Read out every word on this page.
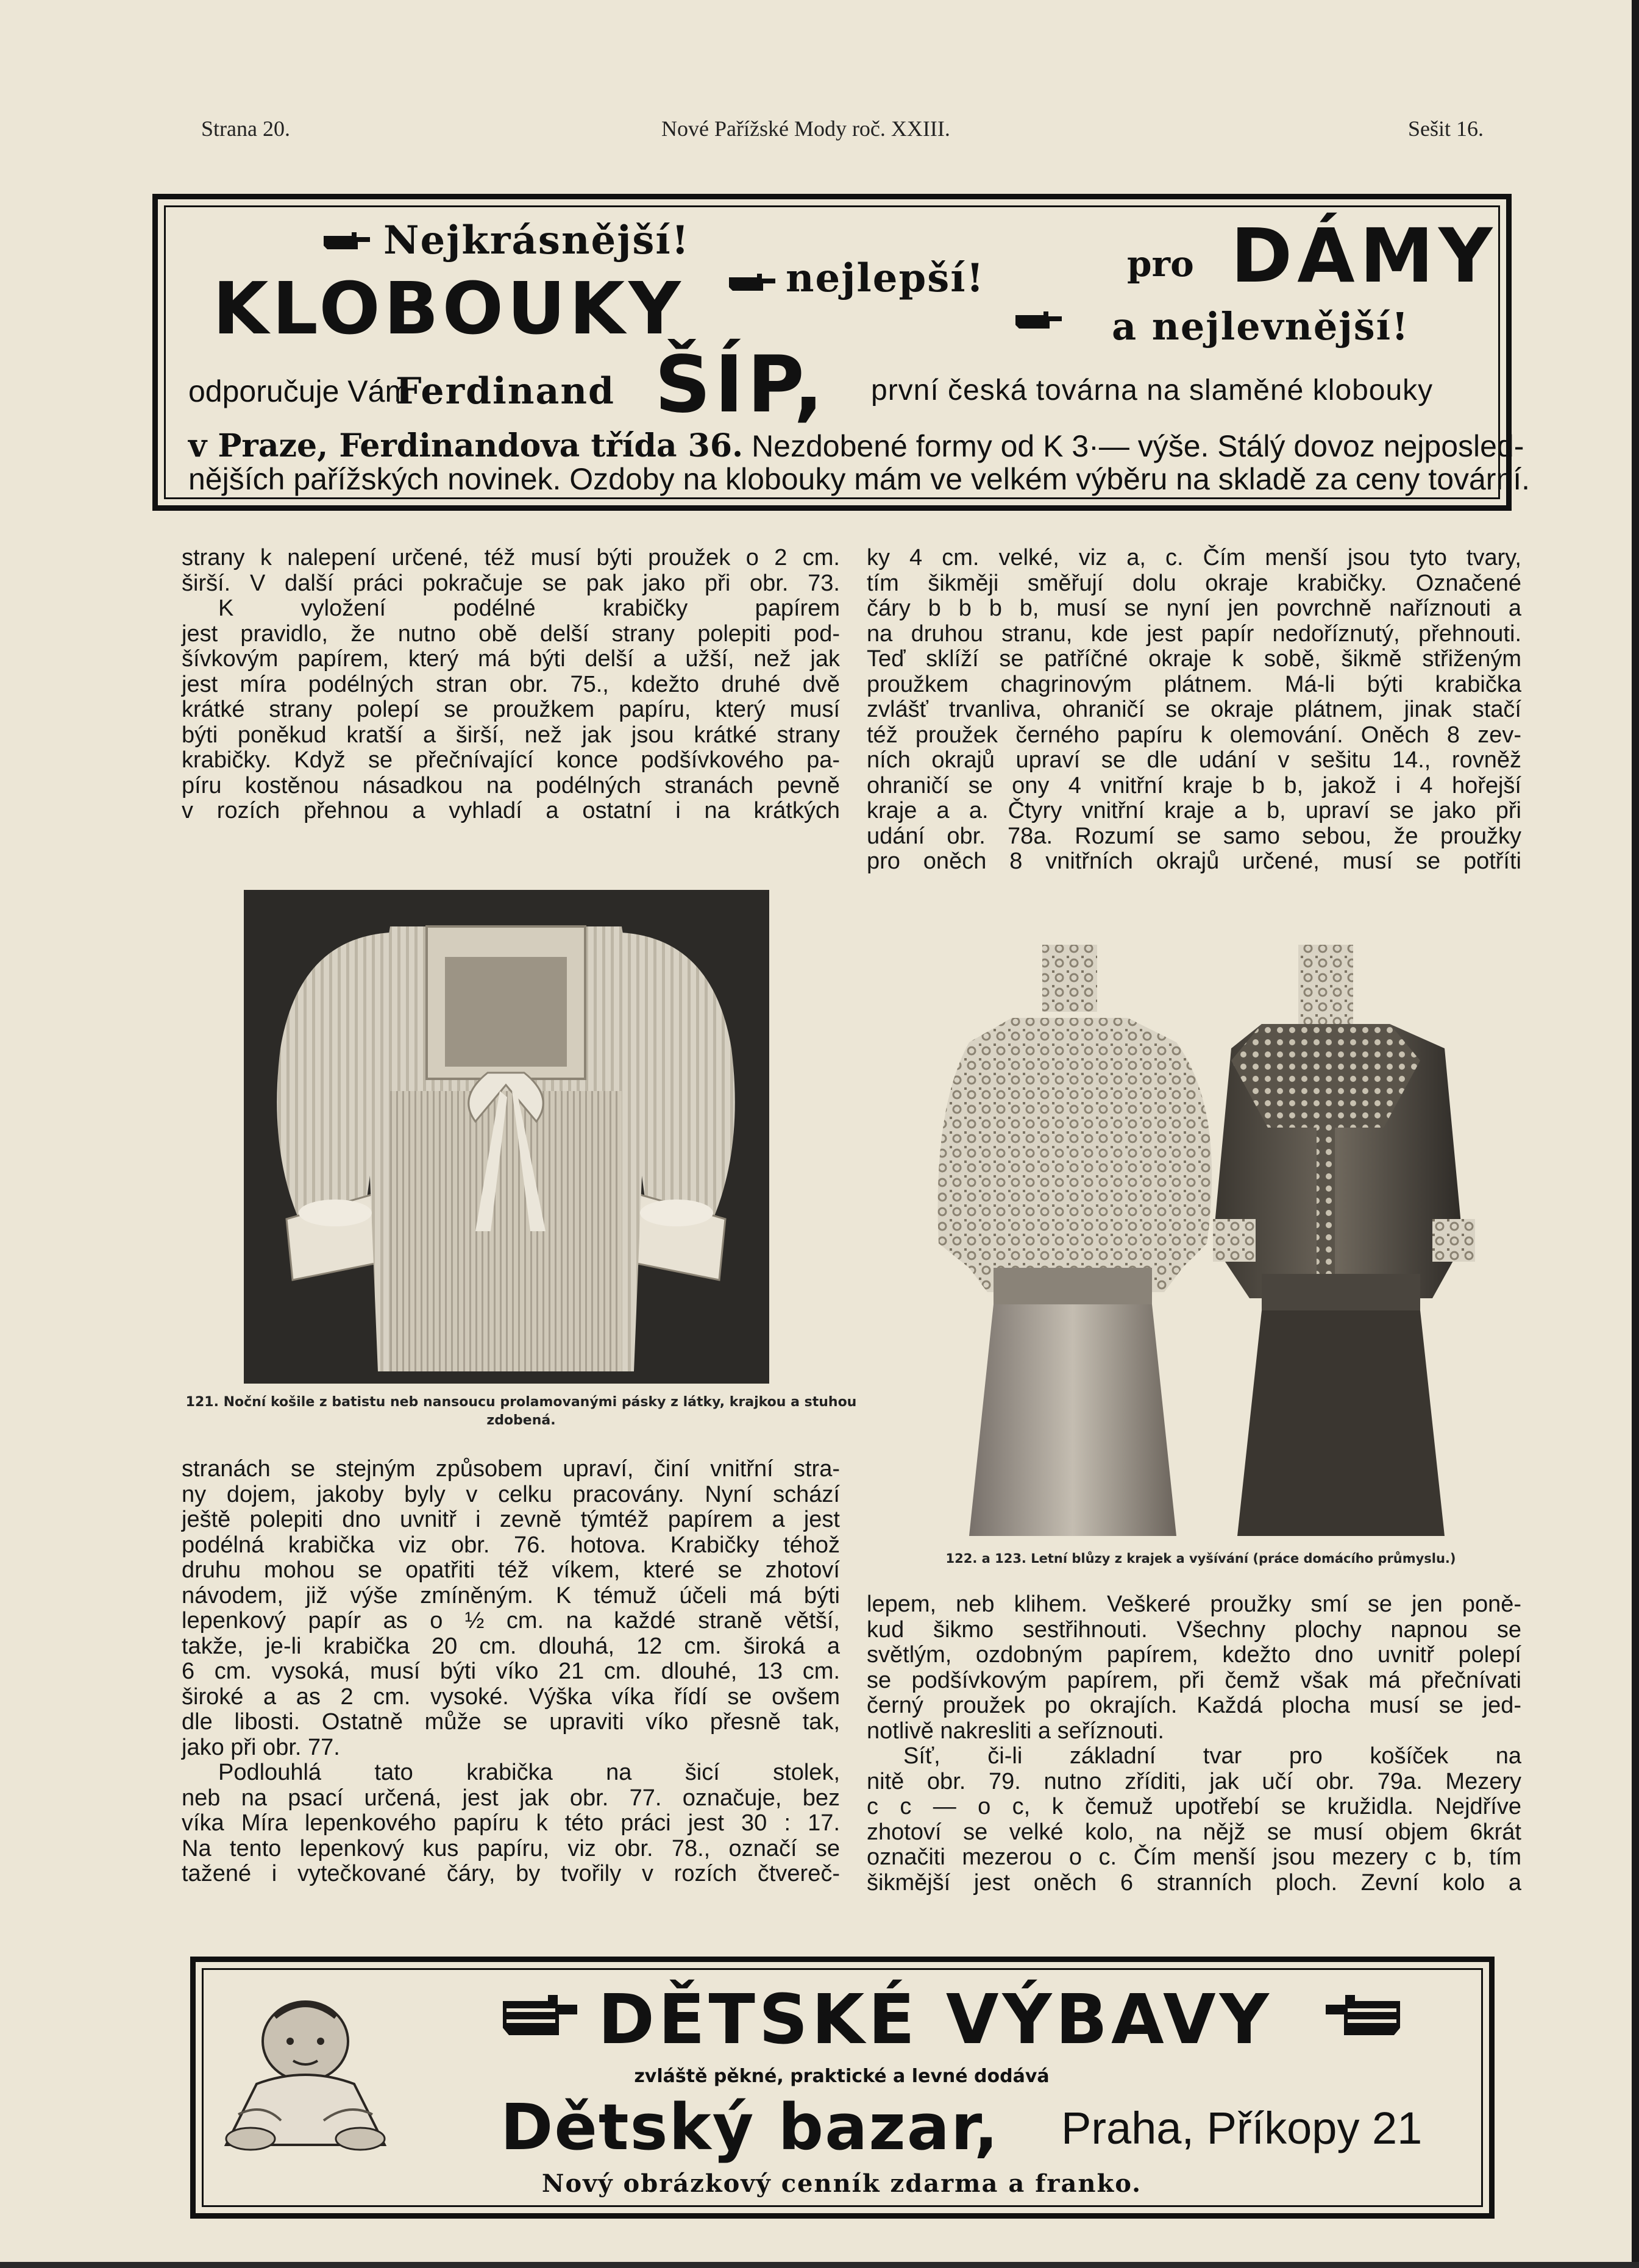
Strana 20.	Nové Pařížské Mody roč. XXIII.	Sešit 16.
Nejkrásnější!
KLOBOUKY	nejlepší!	pro DÁMY
a nejlevnější!
odporučuje Vám
Ferdinand ŠÍP, první česká továrna na slaměné klobouky
v Praze, Ferdinandova třída 36. Nezdobené formy od K 3·— výše. Stálý dovoz nejposled-
nějších pařížských novinek. Ozdoby na klobouky mám ve velkém výběru na skladě za ceny tovární.

strany k nalepení určené, též musí býti proužek o 2 cm.

širší. V další práci pokračuje se pak jako při obr. 73.

K vyložení podélné krabičky papírem

jest pravidlo, že nutno obě delší strany polepiti pod-

šívkovým papírem, který má býti delší a užší, než jak

jest míra podélných stran obr. 75., kdežto druhé dvě

krátké strany polepí se proužkem papíru, který musí

býti poněkud kratší a širší, než jak jsou krátké strany

krabičky. Když se přečnívající konce podšívkového pa-

píru kostěnou násadkou na podélných stranách pevně

v rozích přehnou a vyhladí a ostatní i na krátkých

ky 4 cm. velké, viz a, c. Čím menší jsou tyto tvary,

tím šikměji směřují dolu okraje krabičky. Označené

čáry b b b b, musí se nyní jen povrchně naříznouti a

na druhou stranu, kde jest papír nedoříznutý, přehnouti.

Teď sklíží se patříčné okraje k sobě, šikmě střiženým

proužkem chagrinovým plátnem. Má-li býti krabička

zvlášť trvanliva, ohraničí se okraje plátnem, jinak stačí

též proužek černého papíru k olemování. Oněch 8 zev-

ních okrajů upraví se dle udání v sešitu 14., rovněž

ohraničí se ony 4 vnitřní kraje b b, jakož i 4 hořejší

kraje a a. Čtyry vnitřní kraje a b, upraví se jako při

udání obr. 78a. Rozumí se samo sebou, že proužky

pro oněch 8 vnitřních okrajů určené, musí se potříti

121. Noční košile z batistu neb nansoucu prolamovanými pásky z látky, krajkou a stuhou zdobená.
122. a 123. Letní blůzy z krajek a vyšívání (práce domácího průmyslu.)

stranách se stejným způsobem upraví, činí vnitřní stra-

ny dojem, jakoby byly v celku pracovány. Nyní schází

ještě polepiti dno uvnitř i zevně týmtéž papírem a jest

podélná krabička viz obr. 76. hotova. Krabičky téhož

druhu mohou se opatřiti též víkem, které se zhotoví

návodem, již výše zmíněným. K témuž účeli má býti

lepenkový papír as o ½ cm. na každé straně větší,

takže, je-li krabička 20 cm. dlouhá, 12 cm. široká a

6 cm. vysoká, musí býti víko 21 cm. dlouhé, 13 cm.

široké a as 2 cm. vysoké. Výška víka řídí se ovšem

dle libosti. Ostatně může se upraviti víko přesně tak,

jako při obr. 77.

Podlouhlá tato krabička na šicí stolek,

neb na psací určená, jest jak obr. 77. označuje, bez

víka Míra lepenkového papíru k této práci jest 30 : 17.

Na tento lepenkový kus papíru, viz obr. 78., označí se

tažené i vytečkované čáry, by tvořily v rozích čtvereč-

lepem, neb klihem. Veškeré proužky smí se jen poně-

kud šikmo sestřihnouti. Všechny plochy napnou se

světlým, ozdobným papírem, kdežto dno uvnitř polepí

se podšívkovým papírem, při čemž však má přečnívati

černý proužek po okrajích. Každá plocha musí se jed-

notlivě nakresliti a seříznouti.

Síť, či-li základní tvar pro košíček na

nitě obr. 79. nutno zříditi, jak učí obr. 79a. Mezery

c c — o c, k čemuž upotřebí se kružidla. Nejdříve

zhotoví se velké kolo, na nějž se musí objem 6krát

označiti mezerou o c. Čím menší jsou mezery c b, tím

šikmější jest oněch 6 stranních ploch. Zevní kolo a

DĚTSKÉ VÝBAVY
zvláště pěkné, praktické a levné dodává
Dětský bazar, Praha, Příkopy 21
Nový obrázkový cenník zdarma a franko.
